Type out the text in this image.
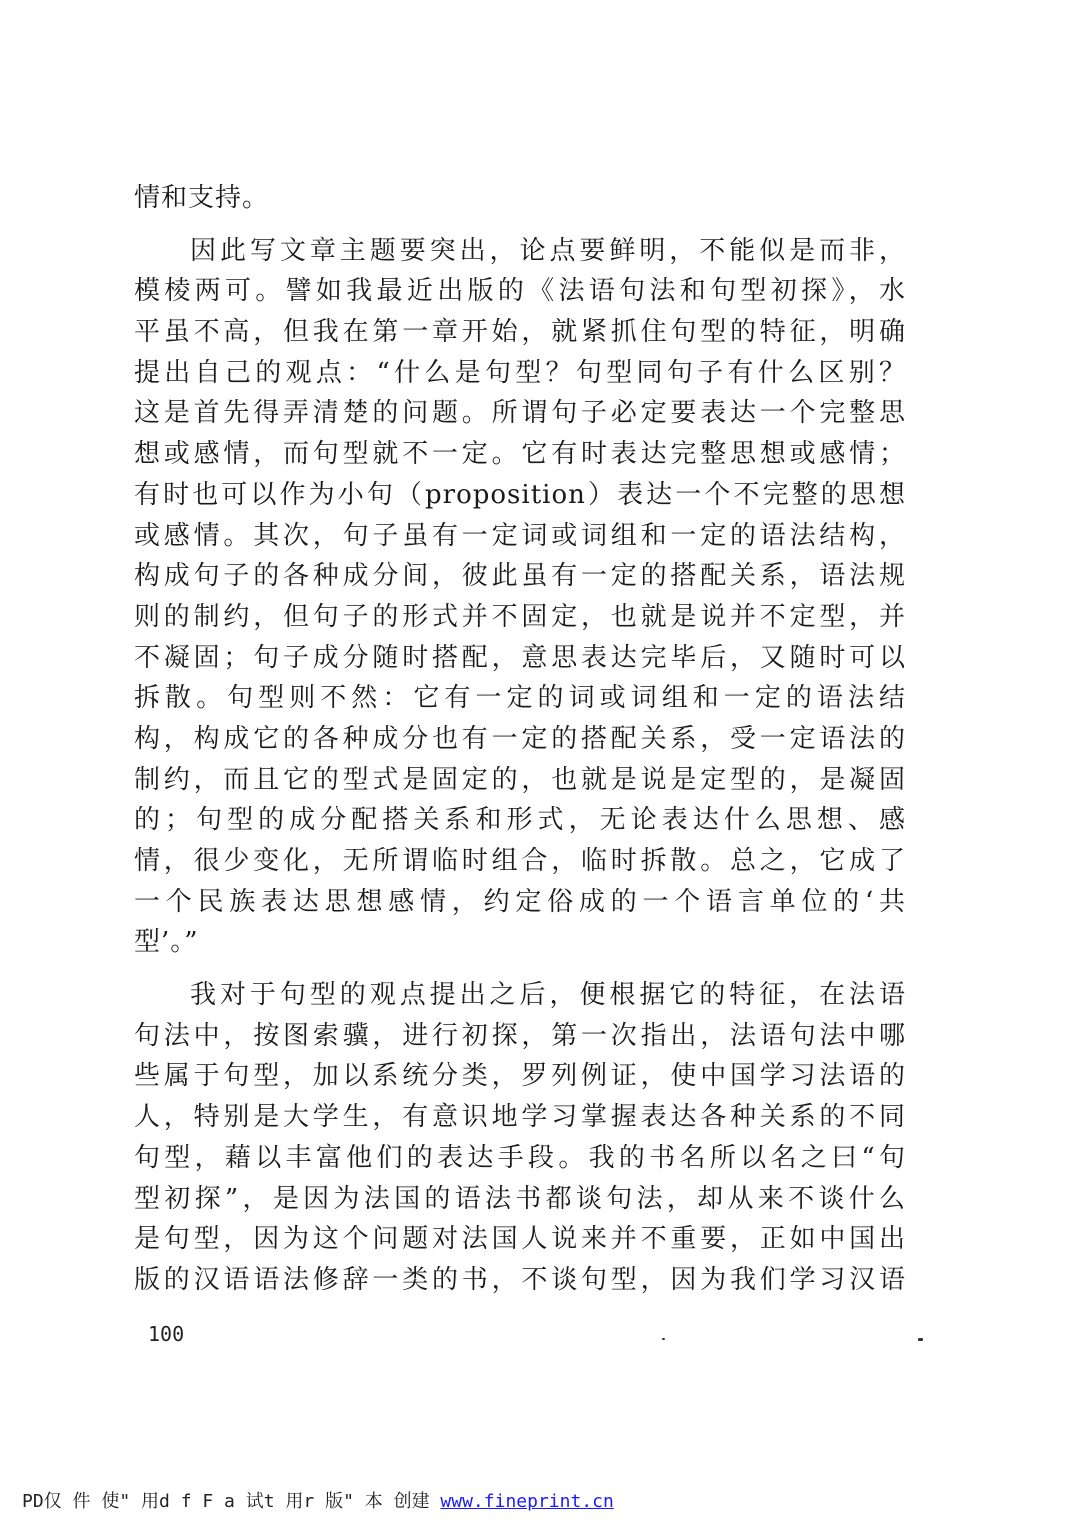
情和支持。
因此写文章主题要突出，论点要鲜明，不能似是而非，
模棱两可。譬如我最近出版的《法语句法和句型初探》，水
平虽不高，但我在第一章开始，就紧抓住句型的特征，明确
提出自己的观点：“什么是句型？句型同句子有什么区别？
这是首先得弄清楚的问题。所谓句子必定要表达一个完整思
想或感情，而句型就不一定。它有时表达完整思想或感情；
有时也可以作为小句（proposition）表达一个不完整的思想
或感情。其次，句子虽有一定词或词组和一定的语法结构，
构成句子的各种成分间，彼此虽有一定的搭配关系，语法规
则的制约，但句子的形式并不固定，也就是说并不定型，并
不凝固；句子成分随时搭配，意思表达完毕后，又随时可以
拆散。句型则不然：它有一定的词或词组和一定的语法结
构，构成它的各种成分也有一定的搭配关系，受一定语法的
制约，而且它的型式是固定的，也就是说是定型的，是凝固
的；句型的成分配搭关系和形式，无论表达什么思想、感
情，很少变化，无所谓临时组合，临时拆散。总之，它成了
一个民族表达思想感情，约定俗成的一个语言单位的‘共
型’。”
我对于句型的观点提出之后，便根据它的特征，在法语
句法中，按图索骥，进行初探，第一次指出，法语句法中哪
些属于句型，加以系统分类，罗列例证，使中国学习法语的
人，特别是大学生，有意识地学习掌握表达各种关系的不同
句型，藉以丰富他们的表达手段。我的书名所以名之曰“句
型初探”，是因为法国的语法书都谈句法，却从来不谈什么
是句型，因为这个问题对法国人说来并不重要，正如中国出
版的汉语语法修辞一类的书，不谈句型，因为我们学习汉语
100
PD仅 件 使" 用d f F a 试t 用r 版" 本 创建 www.fineprint.cn
